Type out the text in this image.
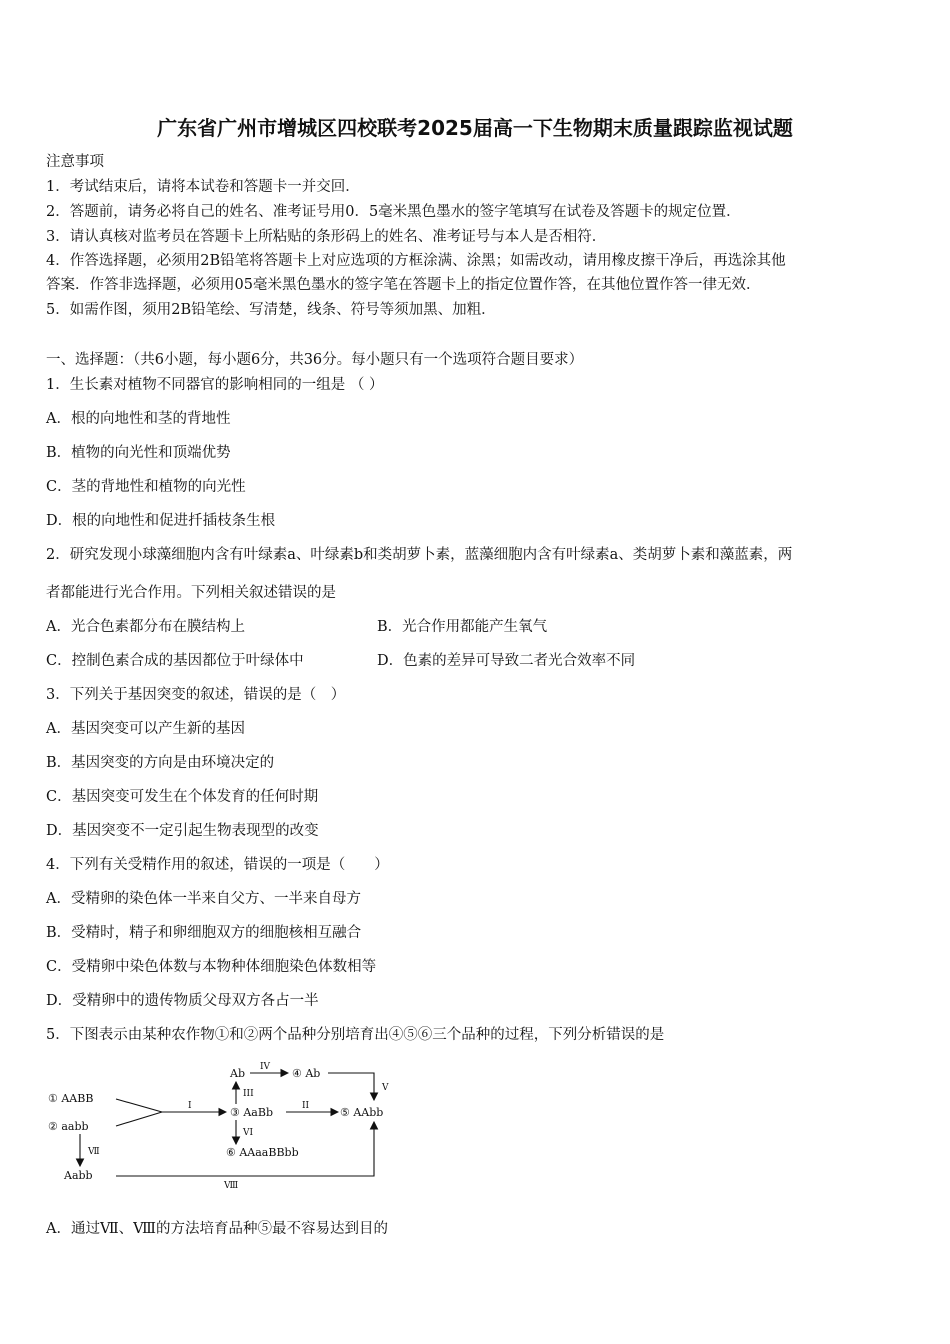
广东省广州市增城区四校联考2025届高一下生物期末质量跟踪监视试题
注意事项
1．考试结束后，请将本试卷和答题卡一并交回．
2．答题前，请务必将自己的姓名、准考证号用0．5毫米黑色墨水的签字笔填写在试卷及答题卡的规定位置．
3．请认真核对监考员在答题卡上所粘贴的条形码上的姓名、准考证号与本人是否相符．
4．作答选择题，必须用2B铅笔将答题卡上对应选项的方框涂满、涂黑；如需改动，请用橡皮擦干净后，再选涂其他
答案．作答非选择题，必须用05毫米黑色墨水的签字笔在答题卡上的指定位置作答，在其他位置作答一律无效．
5．如需作图，须用2B铅笔绘、写清楚，线条、符号等须加黑、加粗．
一、选择题：（共6小题，每小题6分，共36分。每小题只有一个选项符合题目要求）
1．生长素对植物不同器官的影响相同的一组是 （ ）
A．根的向地性和茎的背地性
B．植物的向光性和顶端优势
C．茎的背地性和植物的向光性
D．根的向地性和促进扦插枝条生根
2．研究发现小球藻细胞内含有叶绿素a、叶绿素b和类胡萝卜素，蓝藻细胞内含有叶绿素a、类胡萝卜素和藻蓝素，两
者都能进行光合作用。下列相关叙述错误的是
A．光合色素都分布在膜结构上	B．光合作用都能产生氧气
C．控制色素合成的基因都位于叶绿体中	D．色素的差异可导致二者光合效率不同
3．下列关于基因突变的叙述，错误的是（　）
A．基因突变可以产生新的基因
B．基因突变的方向是由环境决定的
C．基因突变可发生在个体发育的任何时期
D．基因突变不一定引起生物表现型的改变
4．下列有关受精作用的叙述，错误的一项是（　　）
A．受精卵的染色体一半来自父方、一半来自母方
B．受精时，精子和卵细胞双方的细胞核相互融合
C．受精卵中染色体数与本物种体细胞染色体数相等
D．受精卵中的遗传物质父母双方各占一半
5．下图表示由某种农作物①和②两个品种分别培育出④⑤⑥三个品种的过程，下列分析错误的是
① AABB
② aabb
③ AaBb
Ab	④ Ab
⑤ AAbb
⑥ AAaaBBbb
Aabb
I	II
III
IV
V
VI
Ⅶ
Ⅷ
A．通过Ⅶ、Ⅷ的方法培育品种⑤最不容易达到目的
